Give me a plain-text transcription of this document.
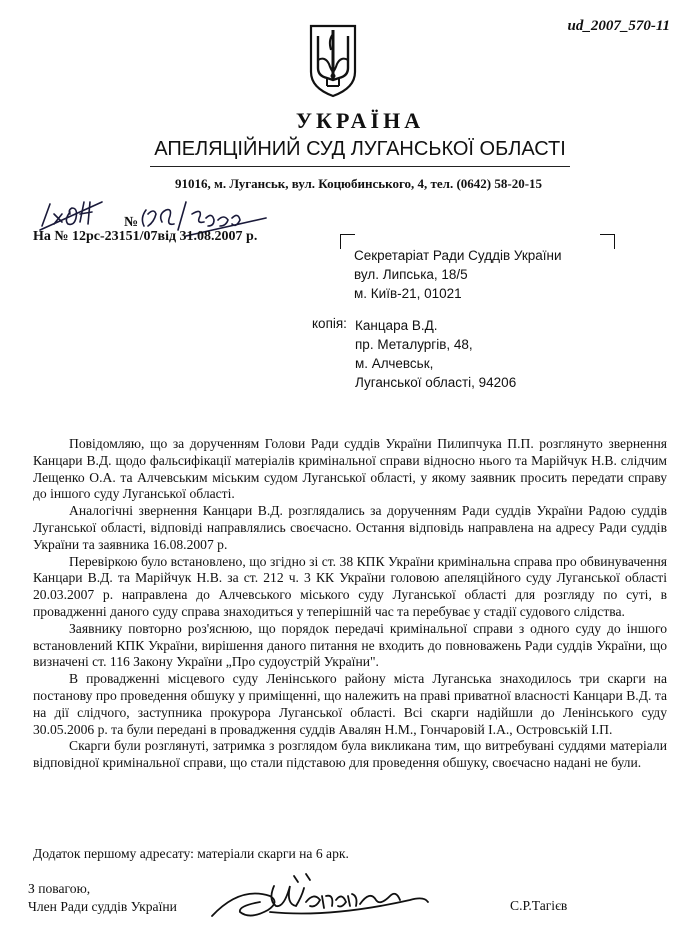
ud_2007_570-11
УКРАЇНА
АПЕЛЯЦІЙНИЙ СУД ЛУГАНСЬКОЇ ОБЛАСТІ
91016, м. Луганськ, вул. Коцюбинського, 4, тел. (0642) 58-20-15
№
На № 12рс-23151/07від 31.08.2007 р.
Секретаріат Ради Суддів України
вул. Липська, 18/5
м. Київ-21, 01021
копія: Канцара В.Д.
пр. Металургів, 48,
м. Алчевськ,
Луганської області, 94206

Повідомляю, що за дорученням Голови Ради суддів України Пилипчука П.П. розглянуто звернення Канцари В.Д. щодо фальсифікації матеріалів кримінальної справи відносно нього та Марійчук Н.В. слідчим Лещенко О.А. та Алчевським міським судом Луганської області, у якому заявник просить передати справу до іншого суду Луганської області.

Аналогічні звернення Канцари В.Д. розглядались за дорученням Ради суддів України Радою суддів Луганської області, відповіді направлялись своєчасно. Остання відповідь направлена на адресу Ради суддів України та заявника 16.08.2007 р.

Перевіркою було встановлено, що згідно зі ст. 38 КПК України кримінальна справа про обвинувачення Канцари В.Д. та Марійчук Н.В. за ст. 212 ч. 3 КК України головою апеляційного суду Луганської області 20.03.2007 р. направлена до Алчевського міського суду Луганської області для розгляду по суті, в провадженні даного суду справа знаходиться у теперішній час та перебуває у стадії судового слідства.

Заявнику повторно роз'яснюю, що порядок передачі кримінальної справи з одного суду до іншого встановлений КПК України, вирішення даного питання не входить до повноважень Ради суддів України, що визначені ст. 116 Закону України „Про судоустрій України".

В провадженні місцевого суду Ленінського району міста Луганська знаходилось три скарги на постанову про проведення обшуку у приміщенні, що належить на праві приватної власності Канцари В.Д. та на дії слідчого, заступника прокурора Луганської області. Всі скарги надійшли до Ленінського суду 30.05.2006 р. та були передані в провадження суддів Авалян Н.М., Гончаровій І.А., Островській І.П.

Скарги були розглянуті, затримка з розглядом була викликана тим, що витребувані суддями матеріали відповідної кримінальної справи, що стали підставою для проведення обшуку, своєчасно надані не були.

Додаток першому адресату: матеріали скарги на 6 арк.
З повагою,
Член Ради суддів України	С.Р.Тагієв
